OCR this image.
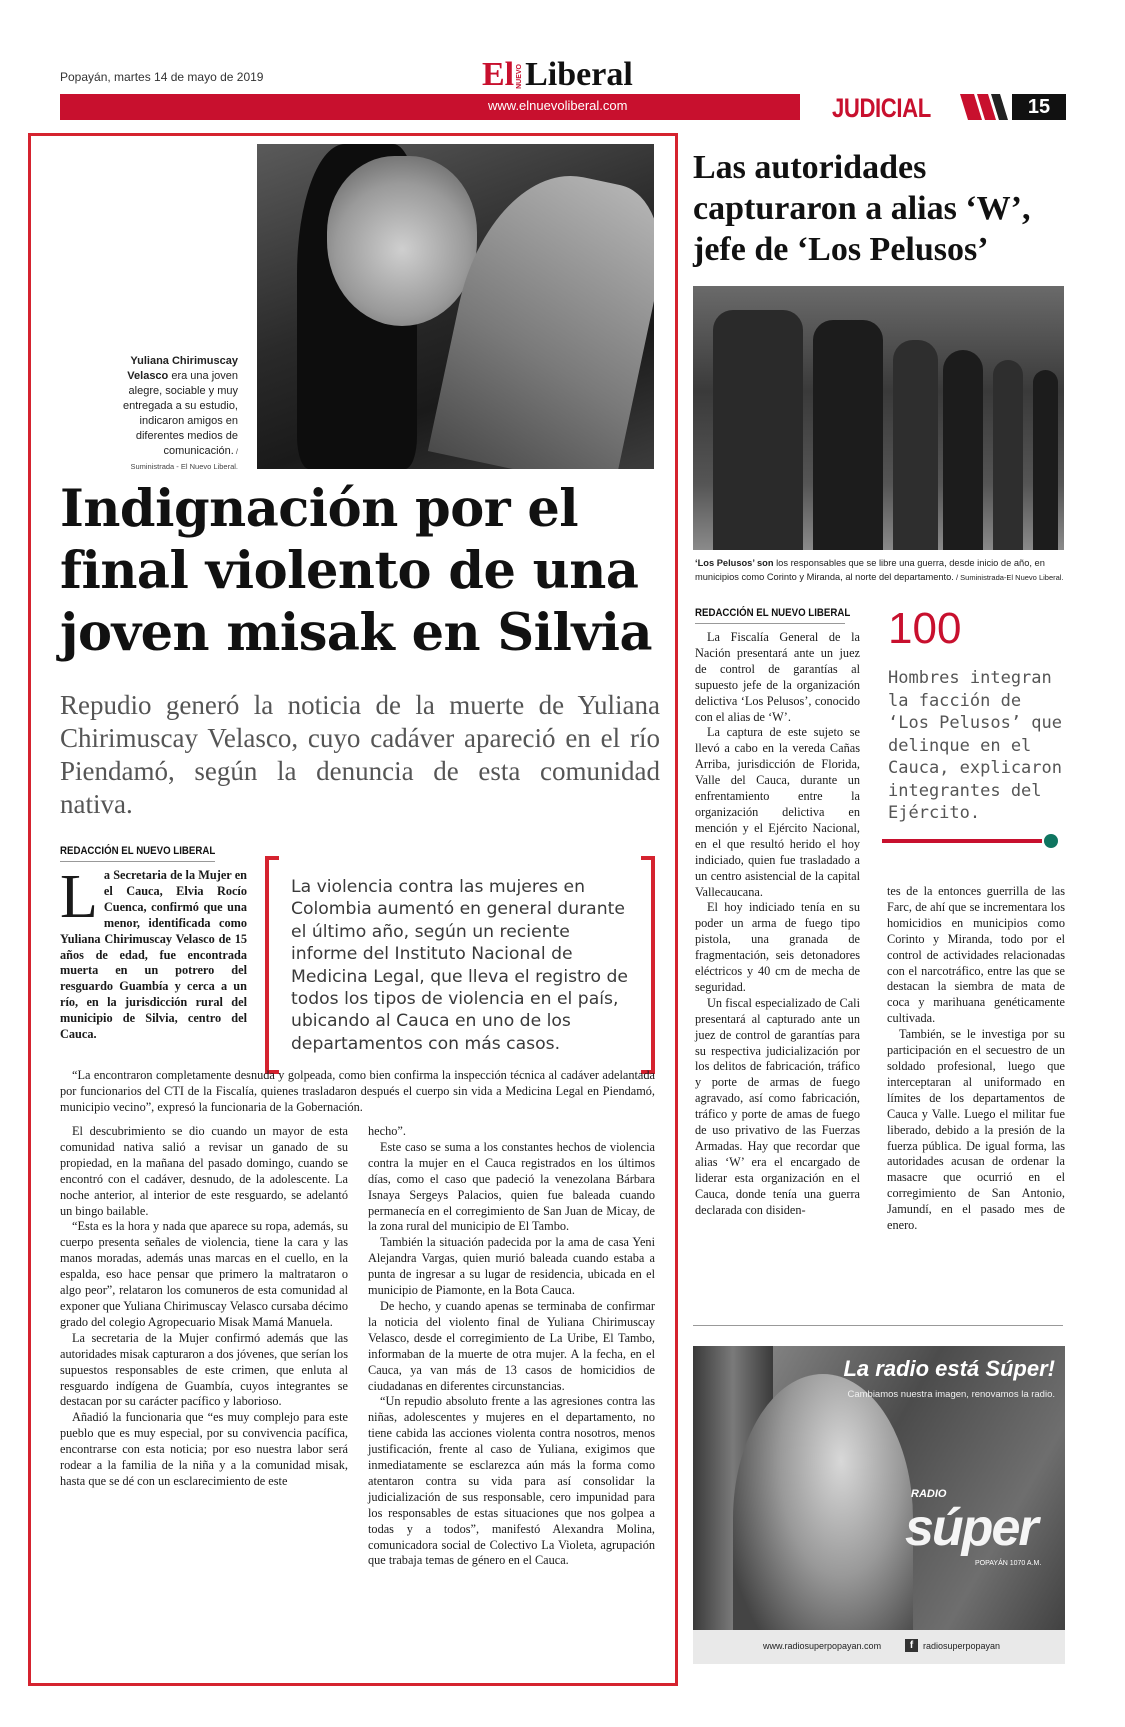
Popayán, martes 14 de mayo de 2019	El NUEVO Liberal
www.elnuevoliberal.com	JUDICIAL	15
Yuliana Chirimuscay Velasco era una joven alegre, sociable y muy entregada a su estudio, indicaron amigos en diferentes medios de comunicación. / Suministrada - El Nuevo Liberal.
Indignación por el final violento de una joven misak en Silvia
Repudio generó la noticia de la muerte de Yuliana Chirimuscay Velasco, cuyo cadáver apareció en el río Piendamó, según la denuncia de esta comunidad nativa.
REDACCIÓN EL NUEVO LIBERAL

La Secretaria de la Mujer en el Cauca, Elvia Rocío Cuenca, confirmó que una menor, identificada como Yuliana Chirimuscay Velasco de 15 años de edad, fue encontrada muerta en un potrero del resguardo Guambía y cerca a un río, en la jurisdicción rural del municipio de Silvia, centro del Cauca.

La violencia contra las mujeres en Colombia aumentó en general durante el último año, según un reciente informe del Instituto Nacional de Medicina Legal, que lleva el registro de todos los tipos de violencia en el país, ubicando al Cauca en uno de los departamentos con más casos.

“La encontraron completamente desnuda y golpeada, como bien confirma la inspección técnica al cadáver adelantada por funcionarios del CTI de la Fiscalía, quienes trasladaron después el cuerpo sin vida a Medicina Legal en Piendamó, municipio vecino”, expresó la funcionaria de la Gobernación.

El descubrimiento se dio cuando un mayor de esta comunidad nativa salió a revisar un ganado de su propiedad, en la mañana del pasado domingo, cuando se encontró con el cadáver, desnudo, de la adolescente. La noche anterior, al interior de este resguardo, se adelantó un bingo bailable.

“Esta es la hora y nada que aparece su ropa, además, su cuerpo presenta señales de violencia, tiene la cara y las manos moradas, además unas marcas en el cuello, en la espalda, eso hace pensar que primero la maltrataron o algo peor”, relataron los comuneros de esta comunidad al exponer que Yuliana Chirimuscay Velasco cursaba décimo grado del colegio Agropecuario Misak Mamá Manuela.

La secretaria de la Mujer confirmó además que las autoridades misak capturaron a dos jóvenes, que serían los supuestos responsables de este crimen, que enluta al resguardo indígena de Guambía, cuyos integrantes se destacan por su carácter pacífico y laborioso.

Añadió la funcionaria que “es muy complejo para este pueblo que es muy especial, por su convivencia pacífica, encontrarse con esta noticia; por eso nuestra labor será rodear a la familia de la niña y a la comunidad misak, hasta que se dé con un esclarecimiento de este

hecho”.

Este caso se suma a los constantes hechos de violencia contra la mujer en el Cauca registrados en los últimos días, como el caso que padeció la venezolana Bárbara Isnaya Sergeys Palacios, quien fue baleada cuando permanecía en el corregimiento de San Juan de Micay, de la zona rural del municipio de El Tambo.

También la situación padecida por la ama de casa Yeni Alejandra Vargas, quien murió baleada cuando estaba a punta de ingresar a su lugar de residencia, ubicada en el municipio de Piamonte, en la Bota Cauca.

De hecho, y cuando apenas se terminaba de confirmar la noticia del violento final de Yuliana Chirimuscay Velasco, desde el corregimiento de La Uribe, El Tambo, informaban de la muerte de otra mujer. A la fecha, en el Cauca, ya van más de 13 casos de homicidios de ciudadanas en diferentes circunstancias.

“Un repudio absoluto frente a las agresiones contra las niñas, adolescentes y mujeres en el departamento, no tiene cabida las acciones violenta contra nosotros, menos justificación, frente al caso de Yuliana, exigimos que inmediatamente se esclarezca aún más la forma como atentaron contra su vida para así consolidar la judicialización de sus responsable, cero impunidad para los responsables de estas situaciones que nos golpea a todas y a todos”, manifestó Alexandra Molina, comunicadora social de Colectivo La Violeta, agrupación que trabaja temas de género en el Cauca.

Las autoridades capturaron a alias ‘W’, jefe de ‘Los Pelusos’
‘Los Pelusos’ son los responsables que se libre una guerra, desde inicio de año, en municipios como Corinto y Miranda, al norte del departamento. / Suministrada-El Nuevo Liberal.
REDACCIÓN EL NUEVO LIBERAL 100
Hombres integran la facción de ‘Los Pelusos’ que delinque en el Cauca, explicaron integrantes del Ejército.

La Fiscalía General de la Nación presentará ante un juez de control de garantías al supuesto jefe de la organización delictiva ‘Los Pelusos’, conocido con el alias de ‘W’.

La captura de este sujeto se llevó a cabo en la vereda Cañas Arriba, jurisdicción de Florida, Valle del Cauca, durante un enfrentamiento entre la organización delictiva en mención y el Ejército Nacional, en el que resultó herido el hoy indiciado, quien fue trasladado a un centro asistencial de la capital Vallecaucana.

El hoy indiciado tenía en su poder un arma de fuego tipo pistola, una granada de fragmentación, seis detonadores eléctricos y 40 cm de mecha de seguridad.

Un fiscal especializado de Cali presentará al capturado ante un juez de control de garantías para su respectiva judicialización por los delitos de fabricación, tráfico y porte de armas de fuego agravado, así como fabricación, tráfico y porte de amas de fuego de uso privativo de las Fuerzas Armadas. Hay que recordar que alias ‘W’ era el encargado de liderar esta organización en el Cauca, donde tenía una guerra declarada con disiden-

tes de la entonces guerrilla de las Farc, de ahí que se incrementara los homicidios en municipios como Corinto y Miranda, todo por el control de actividades relacionadas con el narcotráfico, entre las que se destacan la siembra de mata de coca y marihuana genéticamente cultivada.

También, se le investiga por su participación en el secuestro de un soldado profesional, luego que interceptaran al uniformado en límites de los departamentos de Cauca y Valle. Luego el militar fue liberado, debido a la presión de la fuerza pública. De igual forma, las autoridades acusan de ordenar la masacre que ocurrió en el corregimiento de San Antonio, Jamundí, en el pasado mes de enero.

La radio está Súper!
Cambiamos nuestra imagen, renovamos la radio.
RADIO
súper
POPAYÁN 1070 A.M.
www.radiosuperpopayan.com	f	radiosuperpopayan
